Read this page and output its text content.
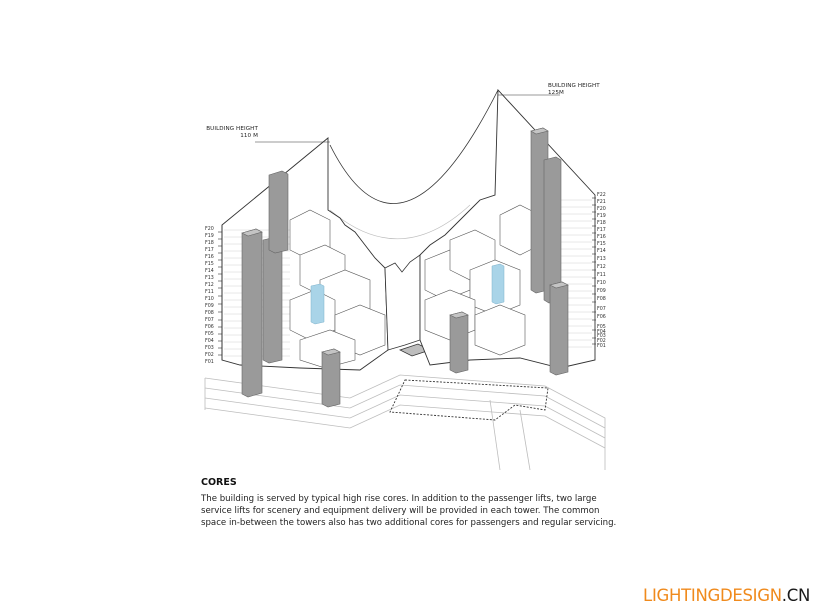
BUILDING HEIGHT
110 M
BUILDING HEIGHT
125M
F20
F19
F18
F17
F16
F15
F14
F13
F12
F11
F10
F09
F08
F07
F06
F05
F04
F03
F02
F01
F22
F21
F20
F19
F18
F17
F16
F15
F14
F13
F12
F11
F10
F09
F08
F07
F06
F05
F04
F03
F02
F01
CORES

The building is served by typical high rise cores. In addition to the passenger lifts, two large service lifts for scenery and equipment delivery will be provided in each tower. The common space in-between the towers also has two additional cores for passengers and regular servicing.

LIGHTINGDESIGN.CN
